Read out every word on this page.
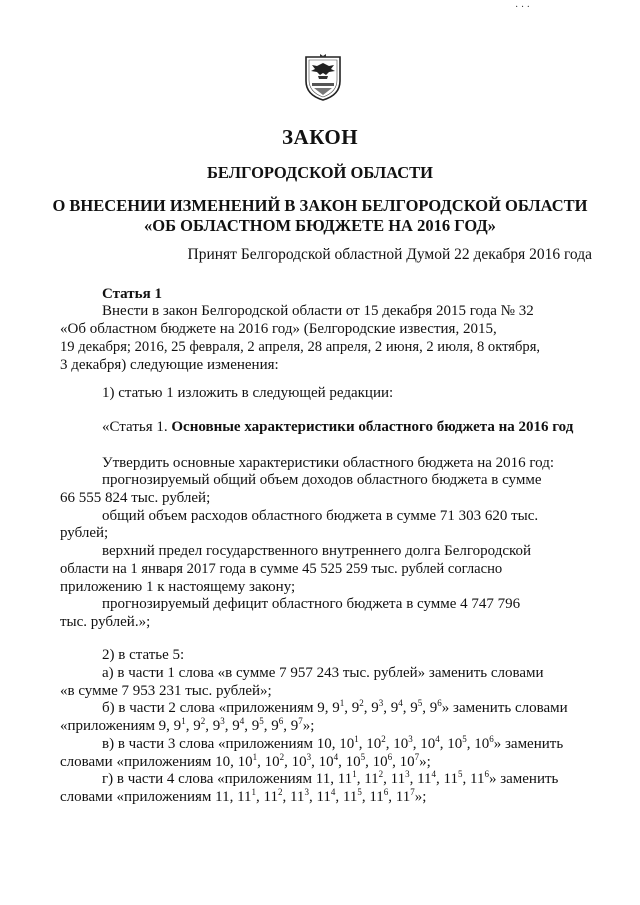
· · ·
ЗАКОН
БЕЛГОРОДСКОЙ ОБЛАСТИ
О ВНЕСЕНИИ ИЗМЕНЕНИЙ В ЗАКОН БЕЛГОРОДСКОЙ ОБЛАСТИ
«ОБ ОБЛАСТНОМ БЮДЖЕТЕ НА 2016 ГОД»
Принят Белгородской областной Думой 22 декабря 2016 года
Статья 1
Внести в закон Белгородской области от 15 декабря 2015 года № 32
«Об областном бюджете на 2016 год» (Белгородские известия, 2015,
19 декабря; 2016, 25 февраля, 2 апреля, 28 апреля, 2 июня, 2 июля, 8 октября,
3 декабря) следующие изменения:
1) статью 1 изложить в следующей редакции:
«Статья 1. Основные характеристики областного бюджета на 2016 год
Утвердить основные характеристики областного бюджета на 2016 год:
прогнозируемый общий объем доходов областного бюджета в сумме
66 555 824 тыс. рублей;
общий объем расходов областного бюджета в сумме 71 303 620 тыс.
рублей;
верхний предел государственного внутреннего долга Белгородской
области на 1 января 2017 года в сумме 45 525 259 тыс. рублей согласно
приложению 1 к настоящему закону;
прогнозируемый дефицит областного бюджета в сумме 4 747 796
тыс. рублей.»;
2) в статье 5:
а) в части 1 слова «в сумме 7 957 243 тыс. рублей» заменить словами
«в сумме 7 953 231 тыс. рублей»;
б) в части 2 слова «приложениям 9, $9^1$, $9^2$, $9^3$, $9^4$, $9^5$, $9^6$» заменить словами
«приложениям 9, $9^1$, $9^2$, $9^3$, $9^4$, $9^5$, $9^6$, $9^7$»;
в) в части 3 слова «приложениям 10, $10^1$, $10^2$, $10^3$, $10^4$, $10^5$, $10^6$» заменить
словами «приложениям 10, $10^1$, $10^2$, $10^3$, $10^4$, $10^5$, $10^6$, $10^7$»;
г) в части 4 слова «приложениям 11, $11^1$, $11^2$, $11^3$, $11^4$, $11^5$, $11^6$» заменить
словами «приложениям 11, $11^1$, $11^2$, $11^3$, $11^4$, $11^5$, $11^6$, $11^7$»;
